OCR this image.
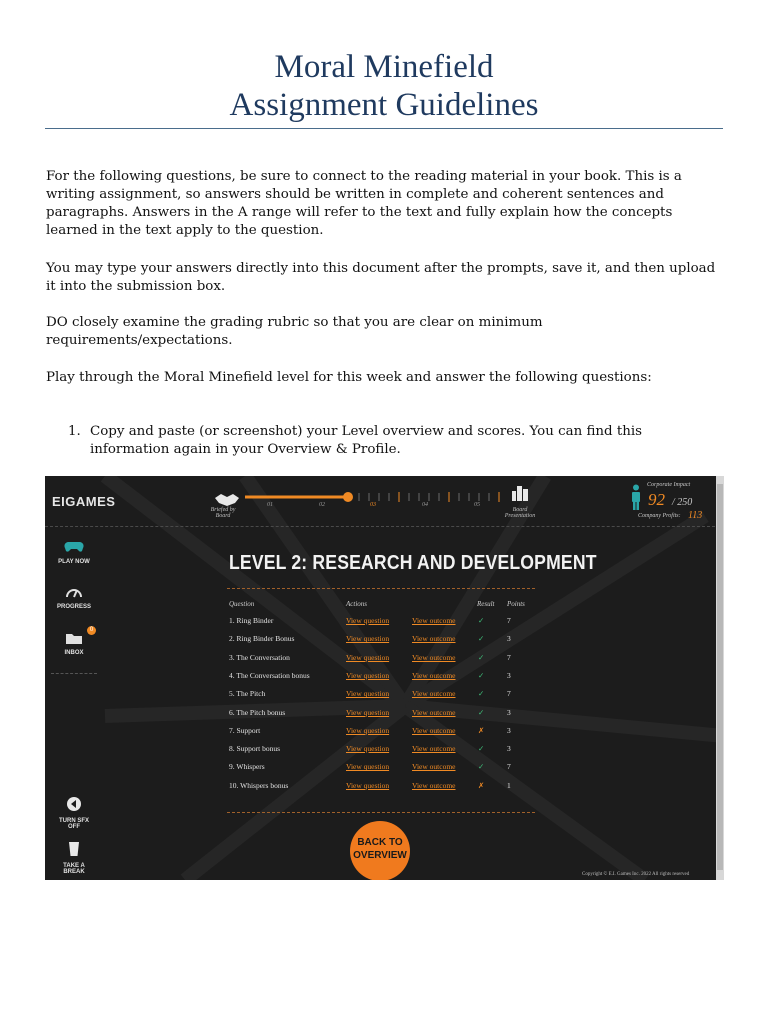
Moral Minefield
Assignment Guidelines
For the following questions, be sure to connect to the reading material in your book. This is a writing assignment, so answers should be written in complete and coherent sentences and paragraphs. Answers in the A range will refer to the text and fully explain how the concepts learned in the text apply to the question.
You may type your answers directly into this document after the prompts, save it, and then upload it into the submission box.
DO closely examine the grading rubric so that you are clear on minimum requirements/expectations.
Play through the Moral Minefield level for this week and answer the following questions:
1. Copy and paste (or screenshot) your Level overview and scores. You can find this information again in your Overview & Profile.
EIGAMES
Briefed by
Board
01	02	03	04	05
Board
Presentation
Corporate Impact
92 / 250
Company Profits: 113
PLAY NOW
PROGRESS
INBOX
0
TURN SFX OFF
TAKE A BREAK
LEVEL 2: RESEARCH AND DEVELOPMENT
Question	Actions	Result Points
1. Ring Binder	View question	View outcome	✓	7
2. Ring Binder Bonus	View question	View outcome	✓	3
3. The Conversation	View question	View outcome	✓	7
4. The Conversation bonus	View question	View outcome	✓	3
5. The Pitch	View question	View outcome	✓	7
6. The Pitch bonus	View question	View outcome	✓	3
7. Support	View question	View outcome	✗	3
8. Support bonus	View question	View outcome	✓	3
9. Whispers	View question	View outcome	✓	7
10. Whispers bonus	View question	View outcome	✗	1
BACK TO
OVERVIEW
Copyright © E.I. Games Inc. 2022 All rights reserved
